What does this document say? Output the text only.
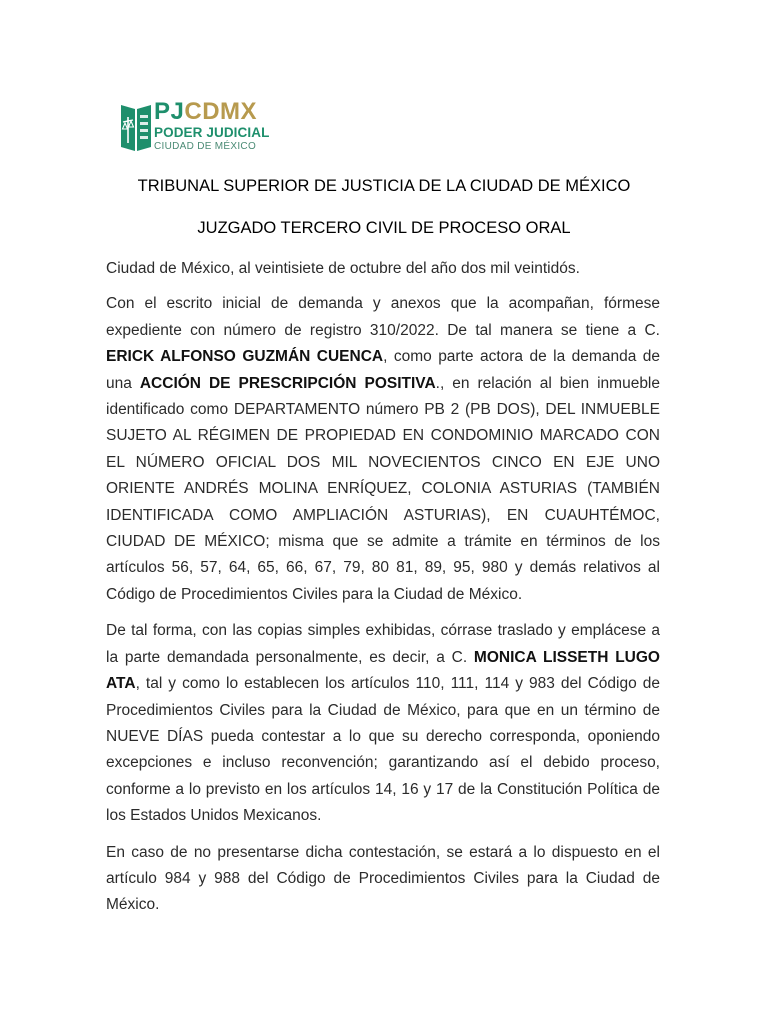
PJCDMX
PODER JUDICIAL
CIUDAD DE MÉXICO
TRIBUNAL SUPERIOR DE JUSTICIA DE LA CIUDAD DE MÉXICO
JUZGADO TERCERO CIVIL DE PROCESO ORAL

Ciudad de México, al veintisiete de octubre del año dos mil veintidós.

Con el escrito inicial de demanda y anexos que la acompañan, fórmese expediente con número de registro 310/2022. De tal manera se tiene a C. ERICK ALFONSO GUZMÁN CUENCA, como parte actora de la demanda de una ACCIÓN DE PRESCRIPCIÓN POSITIVA., en relación al bien inmueble identificado como DEPARTAMENTO número PB 2 (PB DOS), DEL INMUEBLE SUJETO AL RÉGIMEN DE PROPIEDAD EN CONDOMINIO MARCADO CON EL NÚMERO OFICIAL DOS MIL NOVECIENTOS CINCO EN EJE UNO ORIENTE ANDRÉS MOLINA ENRÍQUEZ, COLONIA ASTURIAS (TAMBIÉN IDENTIFICADA COMO AMPLIACIÓN ASTURIAS), EN CUAUHTÉMOC, CIUDAD DE MÉXICO; misma que se admite a trámite en términos de los artículos 56, 57, 64, 65, 66, 67, 79, 80 81, 89, 95, 980 y demás relativos al Código de Procedimientos Civiles para la Ciudad de México.

De tal forma, con las copias simples exhibidas, córrase traslado y emplácese a la parte demandada personalmente, es decir, a C. MONICA LISSETH LUGO ATA, tal y como lo establecen los artículos 110, 111, 114 y 983 del Código de Procedimientos Civiles para la Ciudad de México, para que en un término de NUEVE DÍAS pueda contestar a lo que su derecho corresponda, oponiendo excepciones e incluso reconvención; garantizando así el debido proceso, conforme a lo previsto en los artículos 14, 16 y 17 de la Constitución Política de los Estados Unidos Mexicanos.

En caso de no presentarse dicha contestación, se estará a lo dispuesto en el artículo 984 y 988 del Código de Procedimientos Civiles para la Ciudad de México.
